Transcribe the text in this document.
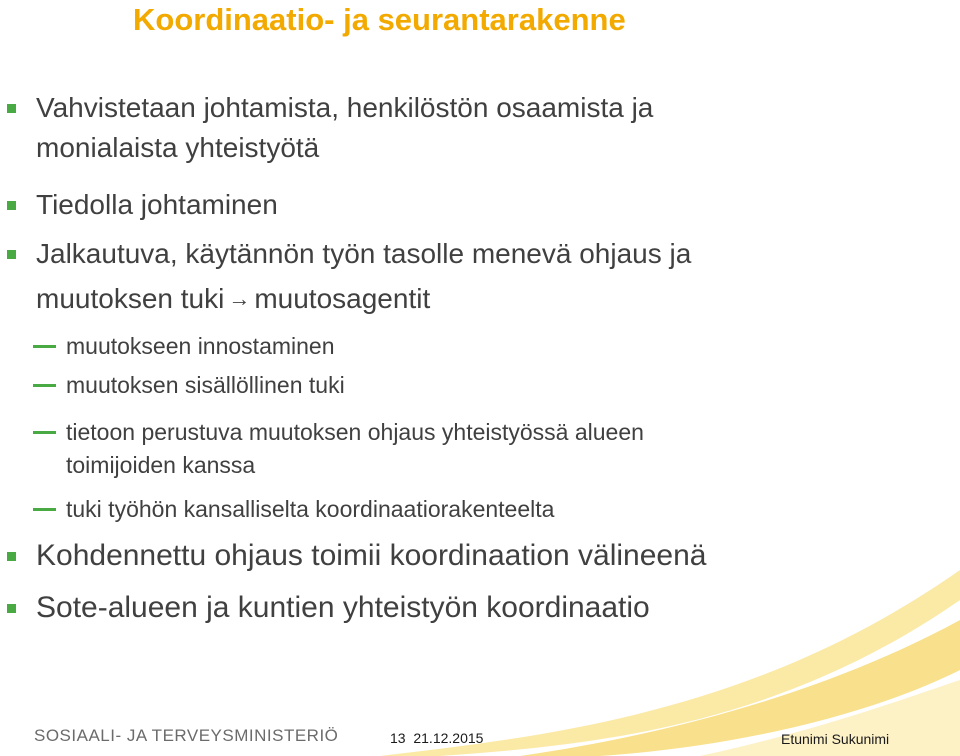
Koordinaatio- ja seurantarakenne
Vahvistetaan johtamista, henkilöstön osaamista ja
monialaista yhteistyötä
Tiedolla johtaminen
Jalkautuva, käytännön työn tasolle menevä ohjaus ja
muutoksen tuki → muutosagentit
muutokseen innostaminen
muutoksen sisällöllinen tuki
tietoon perustuva muutoksen ohjaus yhteistyössä alueen
toimijoiden kanssa
tuki työhön kansalliselta koordinaatiorakenteelta
Kohdennettu ohjaus toimii koordinaation välineenä
Sote-alueen ja kuntien yhteistyön koordinaatio
SOSIAALI- JA TERVEYSMINISTERIÖ	13 21.12.2015	Etunimi Sukunimi
